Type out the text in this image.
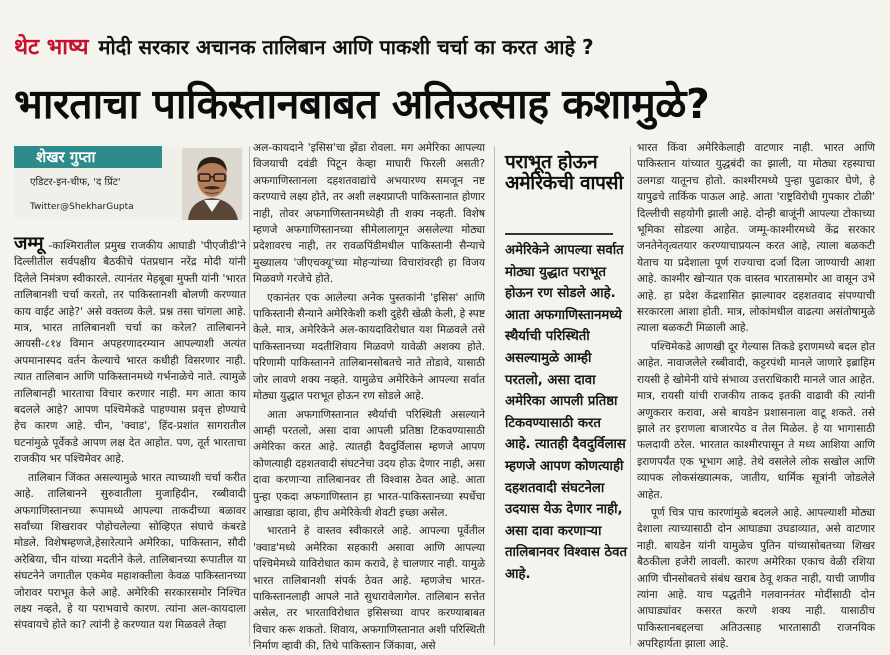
थेट भाष्य मोदी सरकार अचानक तालिबान आणि पाकशी चर्चा का करत आहे ?
भारताचा पाकिस्तानबाबत अतिउत्साह कशामुळे?
शेखर गुप्ता
एडिटर-इन-चीफ, 'द प्रिंट'
Twitter@ShekharGupta

जम्मू -काश्मिरातील प्रमुख राजकीय आघाडी 'पीएजीडी'ने दिल्लीतील सर्वपक्षीय बैठकीचे पंतप्रधान नरेंद्र मोदी यांनी दिलेले निमंत्रण स्वीकारले. त्यानंतर मेहबूबा मुफ्ती यांनी 'भारत तालिबानशी चर्चा करतो, तर पाकिस्तानशी बोलणी करण्यात काय वाईट आहे?' असे वक्तव्य केले. प्रश्न तसा चांगला आहे. मात्र, भारत तालिबानशी चर्चा का करेल? तालिबानने आयसी-८१४ विमान अपहरणादरम्यान आपल्याशी अत्यंत अपमानास्पद वर्तन केल्याचे भारत कधीही विसरणार नाही. त्यात तालिबान आणि पाकिस्तानमध्ये गर्भनाळेचे नाते. त्यामुळे तालिबानही भारताचा विचार करणार नाही. मग आता काय बदलले आहे? आपण पश्चिमेकडे पाहण्यास प्रवृत्त होण्याचे हेच कारण आहे. चीन, 'क्वाड', हिंद-प्रशांत सागरातील घटनांमुळे पूर्वेकडे आपण लक्ष देत आहोत. पण, तूर्त भारताचा राजकीय भर पश्चिमेवर आहे.

तालिबान जिंकत असल्यामुळे भारत त्याच्याशी चर्चा करीत आहे. तालिबानने सुरुवातीला मुजाहिदीन, रब्बीवादी अफगाणिस्तानच्या रूपामध्ये आपल्या ताकदीच्या बळावर सर्वांच्या शिखरावर पोहोचलेल्या सोव्हिएत संघाचे कंबरडे मोडले. विशेषम्हणजे,हेसारेत्याने अमेरिका, पाकिस्तान, सौदी अरेबिया, चीन यांच्या मदतीने केले. तालिबानच्या रूपातील या संघटनेने जगातील एकमेव महाशक्तीला केवळ पाकिस्तानच्या जोरावर पराभूत केले आहे. अमेरिकी सरकारसमोर निश्चित लक्ष्य नव्हते, हे या पराभवाचे कारण. त्यांना अल-कायदाला संपवायचे होते का? त्यांनी हे करण्यात यश मिळवले तेव्हा

अल-कायदाने 'इसिस'चा झेंडा रोवला. मग अमेरिका आपल्या विजयाची दवंडी पिटून केव्हा माघारी फिरली असती? अफगाणिस्तानला दहशतवाद्यांचे अभयारण्य समजून नष्ट करण्याचे लक्ष्य होते, तर अशी लक्ष्यप्राप्ती पाकिस्तानात होणार नाही, तोवर अफगाणिस्तानमध्येही ती शक्य नव्हती. विशेष म्हणजे अफगाणिस्तानच्या सीमेलालागून असलेल्या मोठ्या प्रदेशावरच नाही, तर रावळपिंडीमधील पाकिस्तानी सैन्याचे मुख्यालय 'जीएचक्यू'च्या मोहऱ्यांच्या विचारांवरही हा विजय मिळवणे गरजेचे होते.

एकानंतर एक आलेल्या अनेक पुस्तकांनी 'इसिस' आणि पाकिस्तानी सैन्याने अमेरिकेशी कशी दुहेरी खेळी केली, हे स्पष्ट केले. मात्र, अमेरिकेने अल-कायदाविरोधात यश मिळवले तसे पाकिस्तानच्या मदतीशिवाय मिळवणे यावेळी अशक्य होते. परिणामी पाकिस्तानने तालिबानसोबतचे नाते तोडावे, यासाठी जोर लावणे शक्य नव्हते. यामुळेच अमेरिकेने आपल्या सर्वात मोठ्या युद्धात पराभूत होऊन रण सोडले आहे.

आता अफगाणिस्तानात स्थैर्याची परिस्थिती असल्याने आम्ही परतलो, असा दावा आपली प्रतिष्ठा टिकवण्यासाठी अमेरिका करत आहे. त्यातही दैवदुर्विलास म्हणजे आपण कोणत्याही दहशतवादी संघटनेचा उदय होऊ देणार नाही, असा दावा करणाऱ्या तालिबानवर ती विश्वास ठेवत आहे. आता पुन्हा एकदा अफगाणिस्तान हा भारत-पाकिस्तानच्या स्पर्धेचा आखाडा व्हावा, हीच अमेरिकेची शेवटी इच्छा असेल.

भारताने हे वास्तव स्वीकारले आहे. आपल्या पूर्वेतील 'क्वाड'मध्ये अमेरिका सहकारी असावा आणि आपल्या पश्चिमेमध्ये याविरोधात काम करावे, हे चालणार नाही. यामुळे भारत तालिबानशी संपर्क ठेवत आहे. म्हणजेच भारत-पाकिस्तानलाही आपले नाते सुधारावेलागेल. तालिबान सत्तेत असेल, तर भारताविरोधात इसिसच्या वापर करण्याबाबत विचार करू शकतो. शिवाय, अफगाणिस्तानात अशी परिस्थिती निर्माण व्हावी की, तिथे पाकिस्तान जिंकावा, असे

पराभूत होऊन अमेरिकेची वापसी
अमेरिकेने आपल्या सर्वात मोठ्या युद्धात पराभूत होऊन रण सोडले आहे. आता अफगाणिस्तानमध्ये स्थैर्याची परिस्थिती असल्यामुळे आम्ही परतलो, असा दावा अमेरिका आपली प्रतिष्ठा टिकवण्यासाठी करत आहे. त्यातही दैवदुर्विलास म्हणजे आपण कोणत्याही दहशतवादी संघटनेला उदयास येऊ देणार नाही, असा दावा करणाऱ्या तालिबानवर विश्वास ठेवत आहे.

भारत किंवा अमेरिकेलाही वाटणार नाही. भारत आणि पाकिस्तान यांच्यात युद्धबंदी का झाली, या मोठ्या रहस्याचा उलगडा यातूनच होतो. काश्मीरमध्ये पुन्हा पुढाकार घेणे, हे यापुढचे तार्किक पाऊल आहे. आता 'राष्ट्रविरोधी गुपकार टोळी' दिल्लीची सहयोगी झाली आहे. दोन्ही बाजूंनी आपल्या टोकाच्या भूमिका सोडल्या आहेत. जम्मू-काश्मीरमध्ये केंद्र सरकार जनतेनेतृत्वतयार करण्याचाप्रयत्न करत आहे, त्याला बळकटी येताच या प्रदेशाला पूर्ण राज्याचा दर्जा दिला जाण्याची आशा आहे. काश्मीर खोऱ्यात एक वास्तव भारतासमोर आ वासून उभे आहे. हा प्रदेश केंद्रशासित झाल्यावर दहशतवाद संपण्याची सरकारला आशा होती. मात्र, लोकांमधील वाढत्या असंतोषामुळे त्याला बळकटी मिळाली आहे.

पश्चिमेकडे आणखी दूर गेल्यास तिकडे इराणमध्ये बदल होत आहेत. नावाजलेले रब्बीवादी, कट्टरपंथी मानले जाणारे इब्राहिम रायसी हे खोमेनी यांचे संभाव्य उत्तराधिकारी मानले जात आहेत. मात्र, रायसी यांची राजकीय ताकद इतकी वाढावी की त्यांनी अणुकरार करावा, असे बायडेन प्रशासनाला वाटू शकते. तसे झाले तर इराणला बाजारपेठ व तेल मिळेल. हे या भागासाठी फलदायी ठरेल. भारतात काश्मीरपासून ते मध्य आशिया आणि इराणपर्यंत एक भूभाग आहे. तेथे वसलेले लोक सखोल आणि व्यापक लोकसंख्यात्मक, जातीय, धार्मिक सूत्रांनी जोडलेले आहेत.

पूर्ण चित्र पाच कारणांमुळे बदलले आहे. आपल्याशी मोठ्या देशाला त्याच्यासाठी दोन आघाड्या उघडाव्यात, असे वाटणार नाही. बायडेन यांनी यामुळेच पुतिन यांच्यासोबतच्या शिखर बैठकीला हजेरी लावली. कारण अमेरिका एकाच वेळी रशिया आणि चीनसोबतचे संबंध खराब ठेवू शकत नाही, याची जाणीव त्यांना आहे. याच पद्धतीने गलवाननंतर मोदींसाठी दोन आघाड्यांवर कसरत करणे शक्य नाही. यासाठीच पाकिस्तानबद्दलचा अतिउत्साह भारतासाठी राजनयिक अपरिहार्यता झाला आहे.
